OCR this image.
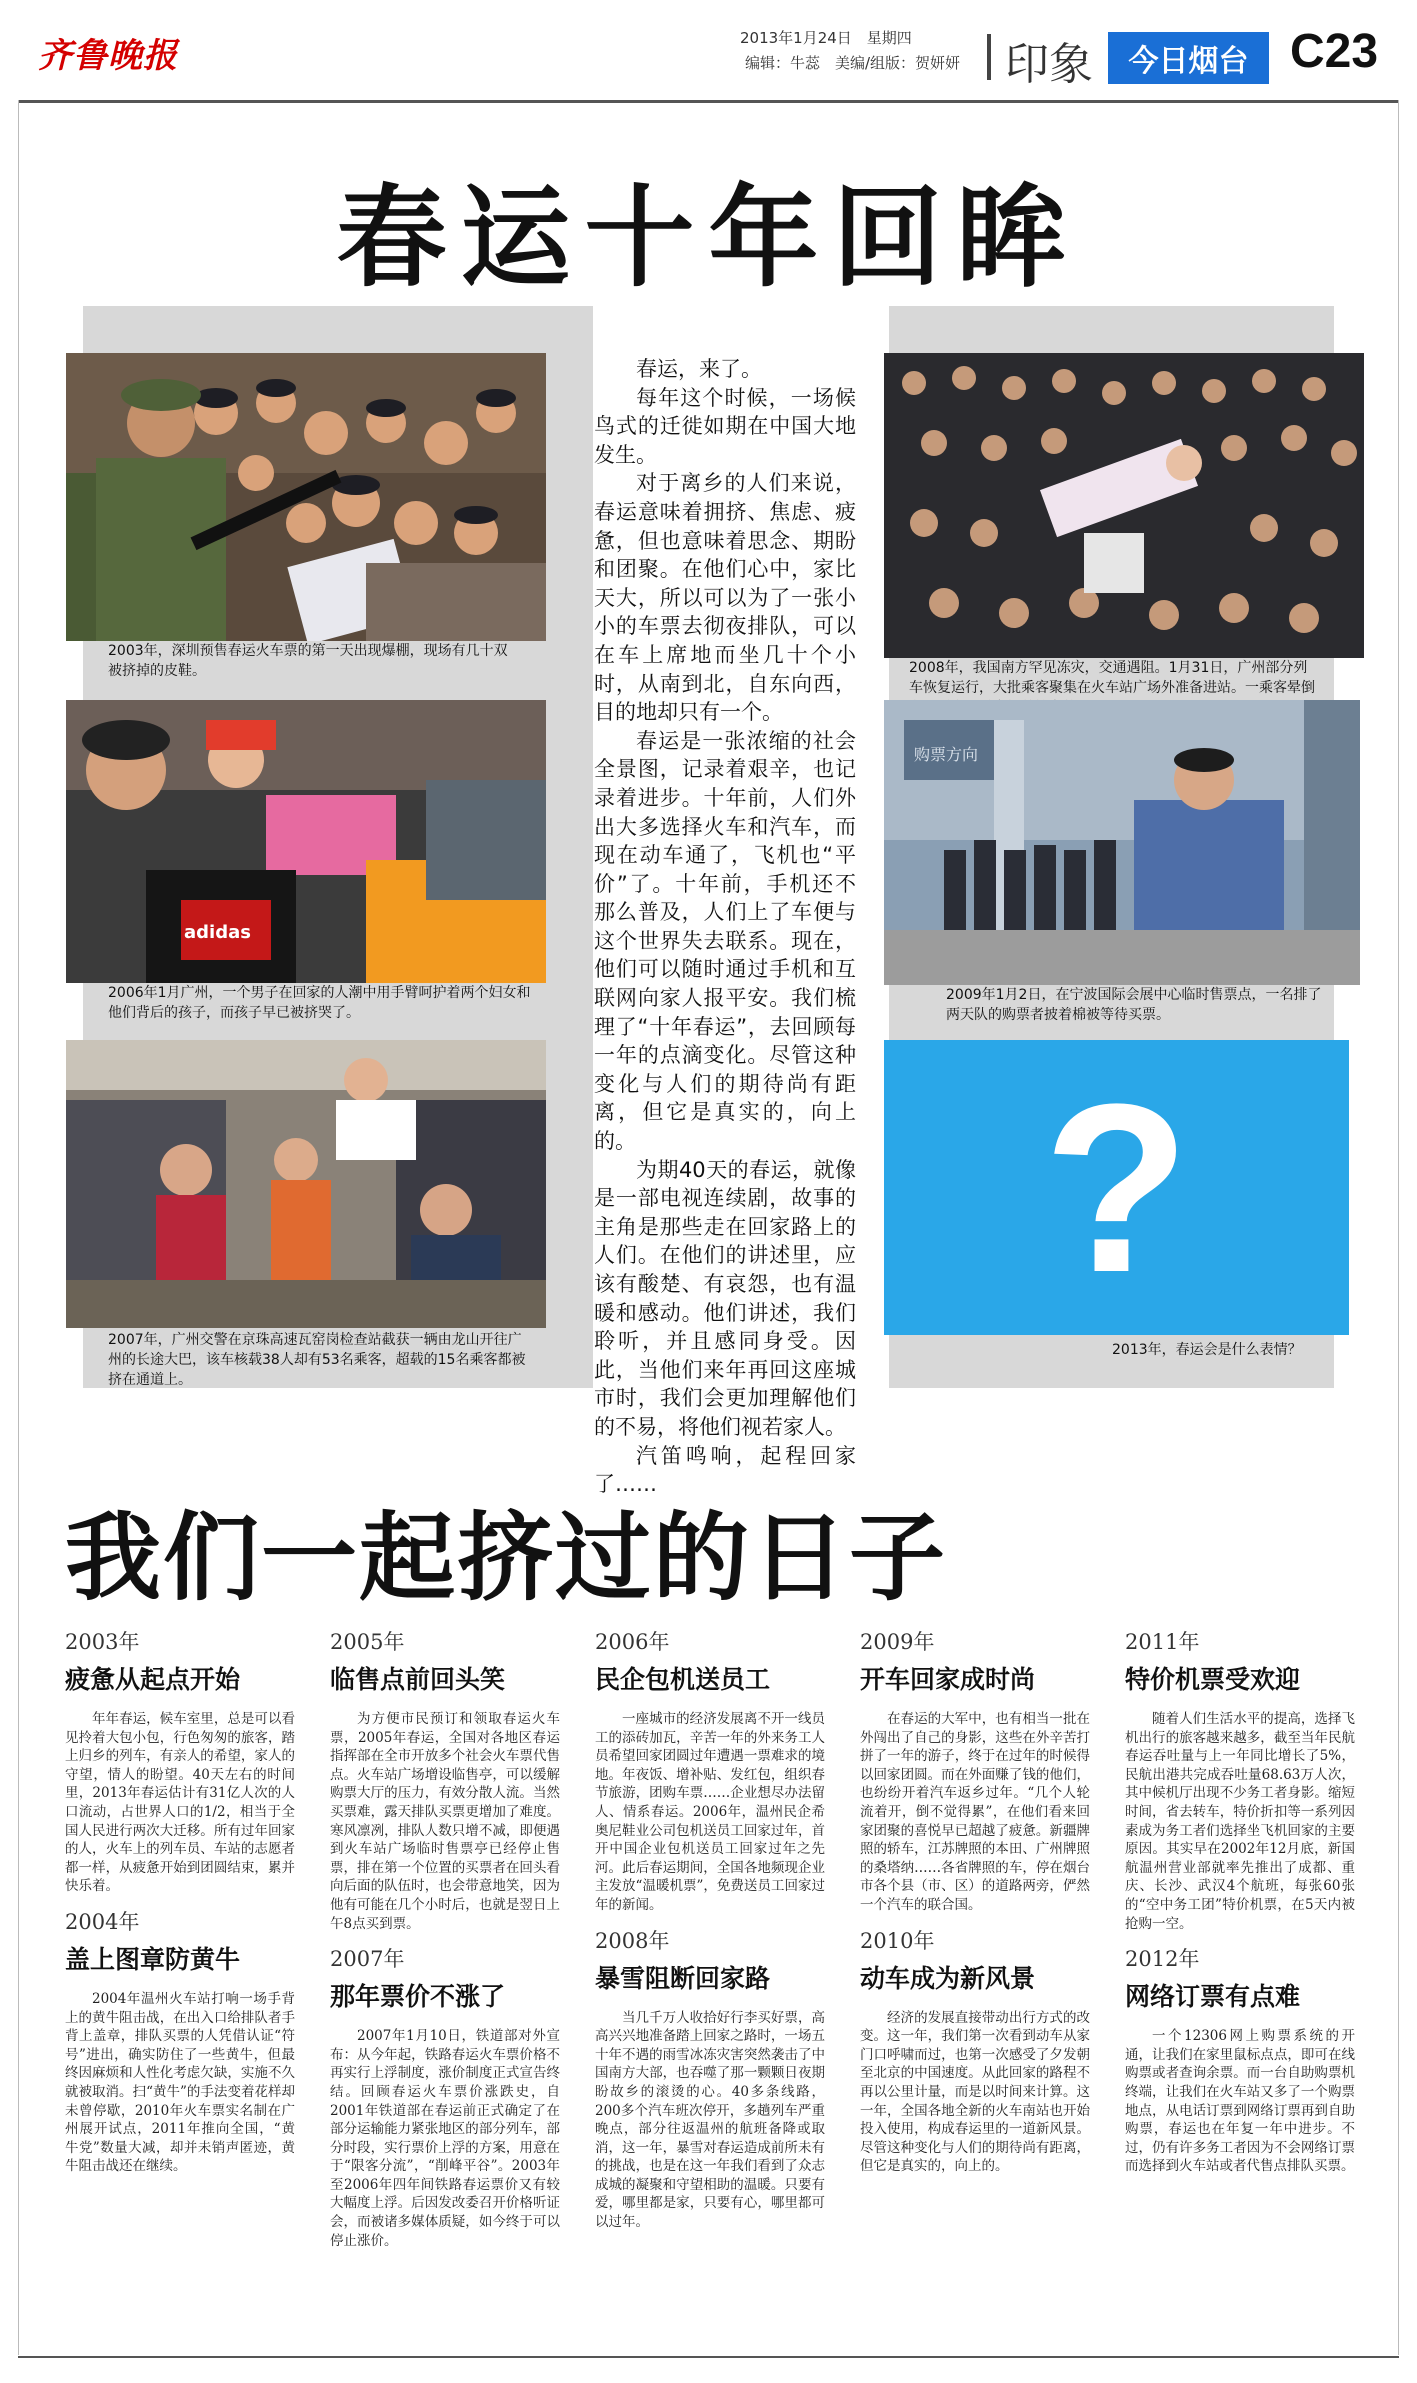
齐鲁晚报	2013年1月24日　星期四
编辑：牛蕊　美编/组版：贺妍妍 印象	今日烟台 C23
春运十年回眸
2003年，深圳预售春运火车票的第一天出现爆棚，现场有几十双被挤掉的皮鞋。
adidas
2006年1月广州，一个男子在回家的人潮中用手臂呵护着两个妇女和他们背后的孩子，而孩子早已被挤哭了。
2007年，广州交警在京珠高速瓦窑岗检查站截获一辆由龙山开往广州的长途大巴，该车核载38人却有53名乘客，超载的15名乘客都被挤在通道上。

春运，来了。

每年这个时候，一场候鸟式的迁徙如期在中国大地发生。

对于离乡的人们来说，春运意味着拥挤、焦虑、疲惫，但也意味着思念、期盼和团聚。在他们心中，家比天大，所以可以为了一张小小的车票去彻夜排队，可以在车上席地而坐几十个小时，从南到北，自东向西，目的地却只有一个。

春运是一张浓缩的社会全景图，记录着艰辛，也记录着进步。十年前，人们外出大多选择火车和汽车，而现在动车通了，飞机也“平价”了。十年前，手机还不那么普及，人们上了车便与这个世界失去联系。现在，他们可以随时通过手机和互联网向家人报平安。我们梳理了“十年春运”，去回顾每一年的点滴变化。尽管这种变化与人们的期待尚有距离，但它是真实的，向上的。

为期40天的春运，就像是一部电视连续剧，故事的主角是那些走在回家路上的人们。在他们的讲述里，应该有酸楚、有哀怨，也有温暖和感动。他们讲述，我们聆听，并且感同身受。因此，当他们来年再回这座城市时，我们会更加理解他们的不易，将他们视若家人。

汽笛鸣响，起程回家了……

2008年，我国南方罕见冻灾，交通遇阻。1月31日，广州部分列车恢复运行，大批乘客聚集在火车站广场外准备进站。一乘客晕倒
购票方向
2009年1月2日，在宁波国际会展中心临时售票点，一名排了两天队的购票者披着棉被等待买票。
?
2013年，春运会是什么表情？
我们一起挤过的日子
2003年
疲惫从起点开始
年年春运，候车室里，总是可以看见拎着大包小包，行色匆匆的旅客，踏上归乡的列车，有亲人的希望，家人的守望，情人的盼望。40天左右的时间里，2013年春运估计有31亿人次的人口流动，占世界人口的1/2，相当于全国人民进行两次大迁移。所有过年回家的人，火车上的列车员、车站的志愿者都一样，从疲惫开始到团圆结束，累并快乐着。
2004年
盖上图章防黄牛
2004年温州火车站打响一场手背上的黄牛阻击战，在出入口给排队者手背上盖章，排队买票的人凭借认证“符号”进出，确实防住了一些黄牛，但最终因麻烦和人性化考虑欠缺，实施不久就被取消。扫“黄牛”的手法变着花样却未曾停歇，2010年火车票实名制在广州展开试点，2011年推向全国，“黄牛党”数量大减，却并未销声匿迹，黄牛阻击战还在继续。
2005年
临售点前回头笑
为方便市民预订和领取春运火车票，2005年春运，全国对各地区春运指挥部在全市开放多个社会火车票代售点。火车站广场增设临售亭，可以缓解购票大厅的压力，有效分散人流。当然买票难，露天排队买票更增加了难度。寒风凛冽，排队人数只增不减，即便遇到火车站广场临时售票亭已经停止售票，排在第一个位置的买票者在回头看向后面的队伍时，也会带意地笑，因为他有可能在几个小时后，也就是翌日上午8点买到票。
2007年
那年票价不涨了
2007年1月10日，铁道部对外宣布：从今年起，铁路春运火车票价格不再实行上浮制度，涨价制度正式宣告终结。回顾春运火车票价涨跌史，自2001年铁道部在春运前正式确定了在部分运输能力紧张地区的部分列车，部分时段，实行票价上浮的方案，用意在于“限客分流”，“削峰平谷”。2003年至2006年四年间铁路春运票价又有较大幅度上浮。后因发改委召开价格听证会，而被诸多媒体质疑，如今终于可以停止涨价。
2006年
民企包机送员工
一座城市的经济发展离不开一线员工的添砖加瓦，辛苦一年的外来务工人员希望回家团圆过年遭遇一票难求的境地。年夜饭、增补贴、发红包，组织春节旅游，团购车票……企业想尽办法留人、情系春运。2006年，温州民企希奥尼鞋业公司包机送员工回家过年，首开中国企业包机送员工回家过年之先河。此后春运期间，全国各地频现企业主发放“温暖机票”，免费送员工回家过年的新闻。
2008年
暴雪阻断回家路
当几千万人收拾好行李买好票，高高兴兴地准备踏上回家之路时，一场五十年不遇的雨雪冰冻灾害突然袭击了中国南方大部，也吞噬了那一颗颗日夜期盼故乡的滚烫的心。40多条线路，200多个汽车班次停开，多趟列车严重晚点，部分往返温州的航班备降或取消，这一年，暴雪对春运造成前所未有的挑战，也是在这一年我们看到了众志成城的凝聚和守望相助的温暖。只要有爱，哪里都是家，只要有心，哪里都可以过年。
2009年
开车回家成时尚
在春运的大军中，也有相当一批在外闯出了自己的身影，这些在外辛苦打拼了一年的游子，终于在过年的时候得以回家团圆。而在外面赚了钱的他们，也纷纷开着汽车返乡过年。“几个人轮流着开，倒不觉得累”，在他们看来回家团聚的喜悦早已超越了疲惫。新疆牌照的轿车，江苏牌照的本田、广州牌照的桑塔纳……各省牌照的车，停在烟台市各个县（市、区）的道路两旁，俨然一个汽车的联合国。
2010年
动车成为新风景
经济的发展直接带动出行方式的改变。这一年，我们第一次看到动车从家门口呼啸而过，也第一次感受了夕发朝至北京的中国速度。从此回家的路程不再以公里计量，而是以时间来计算。这一年，全国各地全新的火车南站也开始投入使用，构成春运里的一道新风景。尽管这种变化与人们的期待尚有距离，但它是真实的，向上的。
2011年
特价机票受欢迎
随着人们生活水平的提高，选择飞机出行的旅客越来越多，截至当年民航春运吞吐量与上一年同比增长了5%，民航出港共完成吞吐量68.63万人次，其中候机厅出现不少务工者身影。缩短时间，省去转车，特价折扣等一系列因素成为务工者们选择坐飞机回家的主要原因。其实早在2002年12月底，新国航温州营业部就率先推出了成都、重庆、长沙、武汉4个航班，每张60张的“空中务工团”特价机票，在5天内被抢购一空。
2012年
网络订票有点难
一个12306网上购票系统的开通，让我们在家里鼠标点点，即可在线购票或者查询余票。而一台自助购票机终端，让我们在火车站又多了一个购票地点，从电话订票到网络订票再到自助购票，春运也在年复一年中进步。不过，仍有许多务工者因为不会网络订票而选择到火车站或者代售点排队买票。
